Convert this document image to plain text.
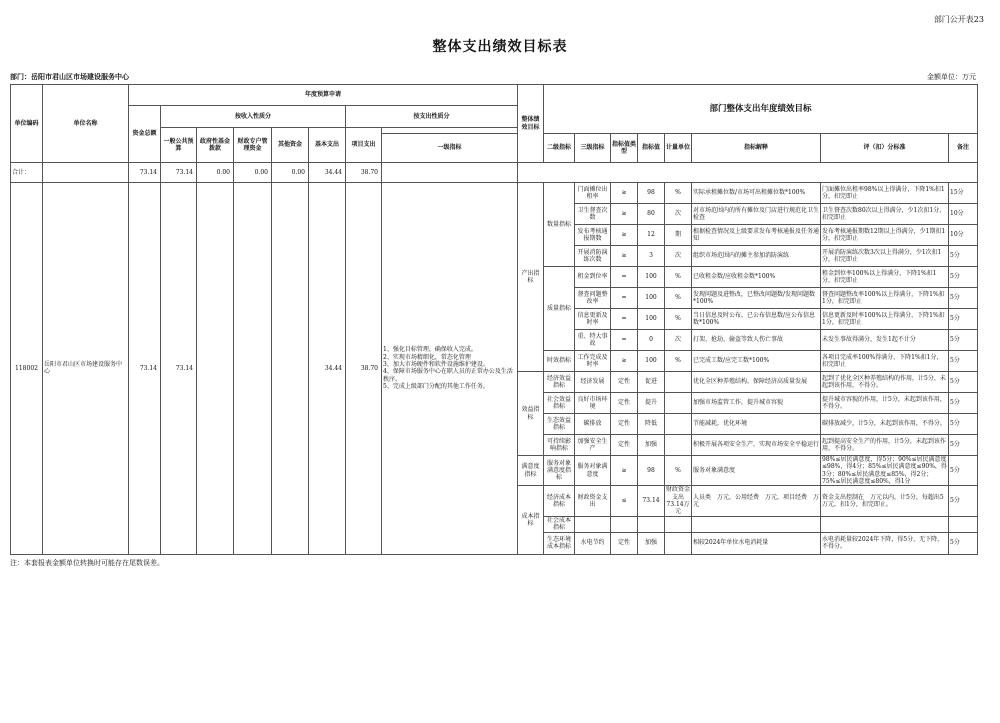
部门公开表23
整体支出绩效目标表
部门：岳阳市君山区市场建设服务中心	金额单位：万元
单位编码	单位名称	年度预算申请								整体绩效目标	部门整体支出年度绩效目标							
		资金总额	按收入性质分					按支出性质分										
			一般公共预算	政府性基金拨款	财政专户管理资金	其他资金	基本支出	项目支出										
									一级指标		二级指标	三级指标	指标值类型	指标值	计量单位	指标解释	评（扣）分标准	备注
合计：		73.14	73.14	0.00	0.00	0.00	34.44	38.70										
118002	岳阳市君山区市场建设服务中心	73.14	73.14				34.44	38.70	1、强化目标管理，确保收入完成。
2、实现市场精细化，常态化管理
3、加大市场硬件和软件设施维护建设。
4、保障市场服务中心在职人员的正常办公及生活秩序。
5、完成上级部门分配的其他工作任务。	产出指标	数量指标	门面摊位出租率	≥	98	%	实际承租摊位数/市场可出租摊位数*100%	门面摊位出租率98%以上得满分，下降1%扣1分，扣完即止	15分
												卫生督查次数	≥	80	次	对市场范围内的所有摊位及门店进行规范化卫生检查	卫生督查次数80次以上得满分，少1次扣1分，扣完即止	10分
												发布考核通报期数	≥	12	期	根据检查情况及上级要求发布考核通报及任务通知	发布考核通报期数12期以上得满分，少1期扣1分，扣完即止	10分
												开展消防演练次数	≥	3	次	组织市场范围内的摊主参加消防演练	开展消防演练次数3次以上得满分，少1次扣1分，扣完即止	5分
											质量指标	租金到位率	=	100	%	已收租金数/应收租金数*100%	租金到位率100%以上得满分，下降1%扣1分，扣完即止	5分
												督查问题整改率	=	100	%	发现问题及进整改，已整改问题数/发现问题数*100%	督查问题整改率100%以上得满分，下降1%扣1分，扣完即止	5分
												信息更新及时率	=	100	%	当日信息及时公布，已公布信息数/应公布信息数*100%	信息更新及时率100%以上得满分，下降1%扣1分，扣完即止	5分
												重、特大事故	=	0	次	打架、抢劫、偷盗等致人伤亡事故	未发生事故得满分，发生1起不计分	5分
											时效指标	工作完成及时率	≥	100	%	已完成工数/应完工数*100%	各项目完成率100%得满分，下降1%扣1分，扣完即止	5分
										效益指标	经济效益指标	经济发展	定性	促进		优化全区种养殖结构，保障经济高质量发展	起到了优化全区种养殖结构的作用，计5分，未起到该作用，不得分。	5分
											社会效益指标	良好市场环境	定性	提升		加强市场监管工作，提升城市容貌	提升城市容貌的作用，计5分，未起到该作用，不得分。	5分
											生态效益指标	碳排放	定性	降低		节能减耗，优化环境	碳排放减少，计5分，未起到该作用，不得分。	5分
											可持续影响指标	加强安全生产	定性	加强		积极开展各项安全生产，实现市场安全平稳运行	起到提高安全生产的作用，计5分，未起到该作用，不得分。	5分
										满意度指标	服务对象满意度指标	服务对象满意度	≥	98	%	服务对象满意度	98%≤居民满意度，得5分；90%≤居民满意度≤98%，得4分；85%≤居民满意度≤90%，得3分；80%≤居民满意度≤85%，得2分；75%≤居民满意度≤80%，得1分	5分
										成本指标	经济成本指标	财政资金支出	≤	73.14	财政资金支出73.14万元	人员类　万元，公用经费　万元，项目经费　万元	资金支出控制在　万元以内，计5分，每超出5万元，扣1分，扣完即止。	5分
											社会成本指标							
											生态环境成本指标	水电节约	定性	加强		相较2024年单位水电消耗量	水电消耗量较2024年下降，得5分，无下降，不得分。	5分
注：本套报表金额单位转换时可能存在尾数误差。
